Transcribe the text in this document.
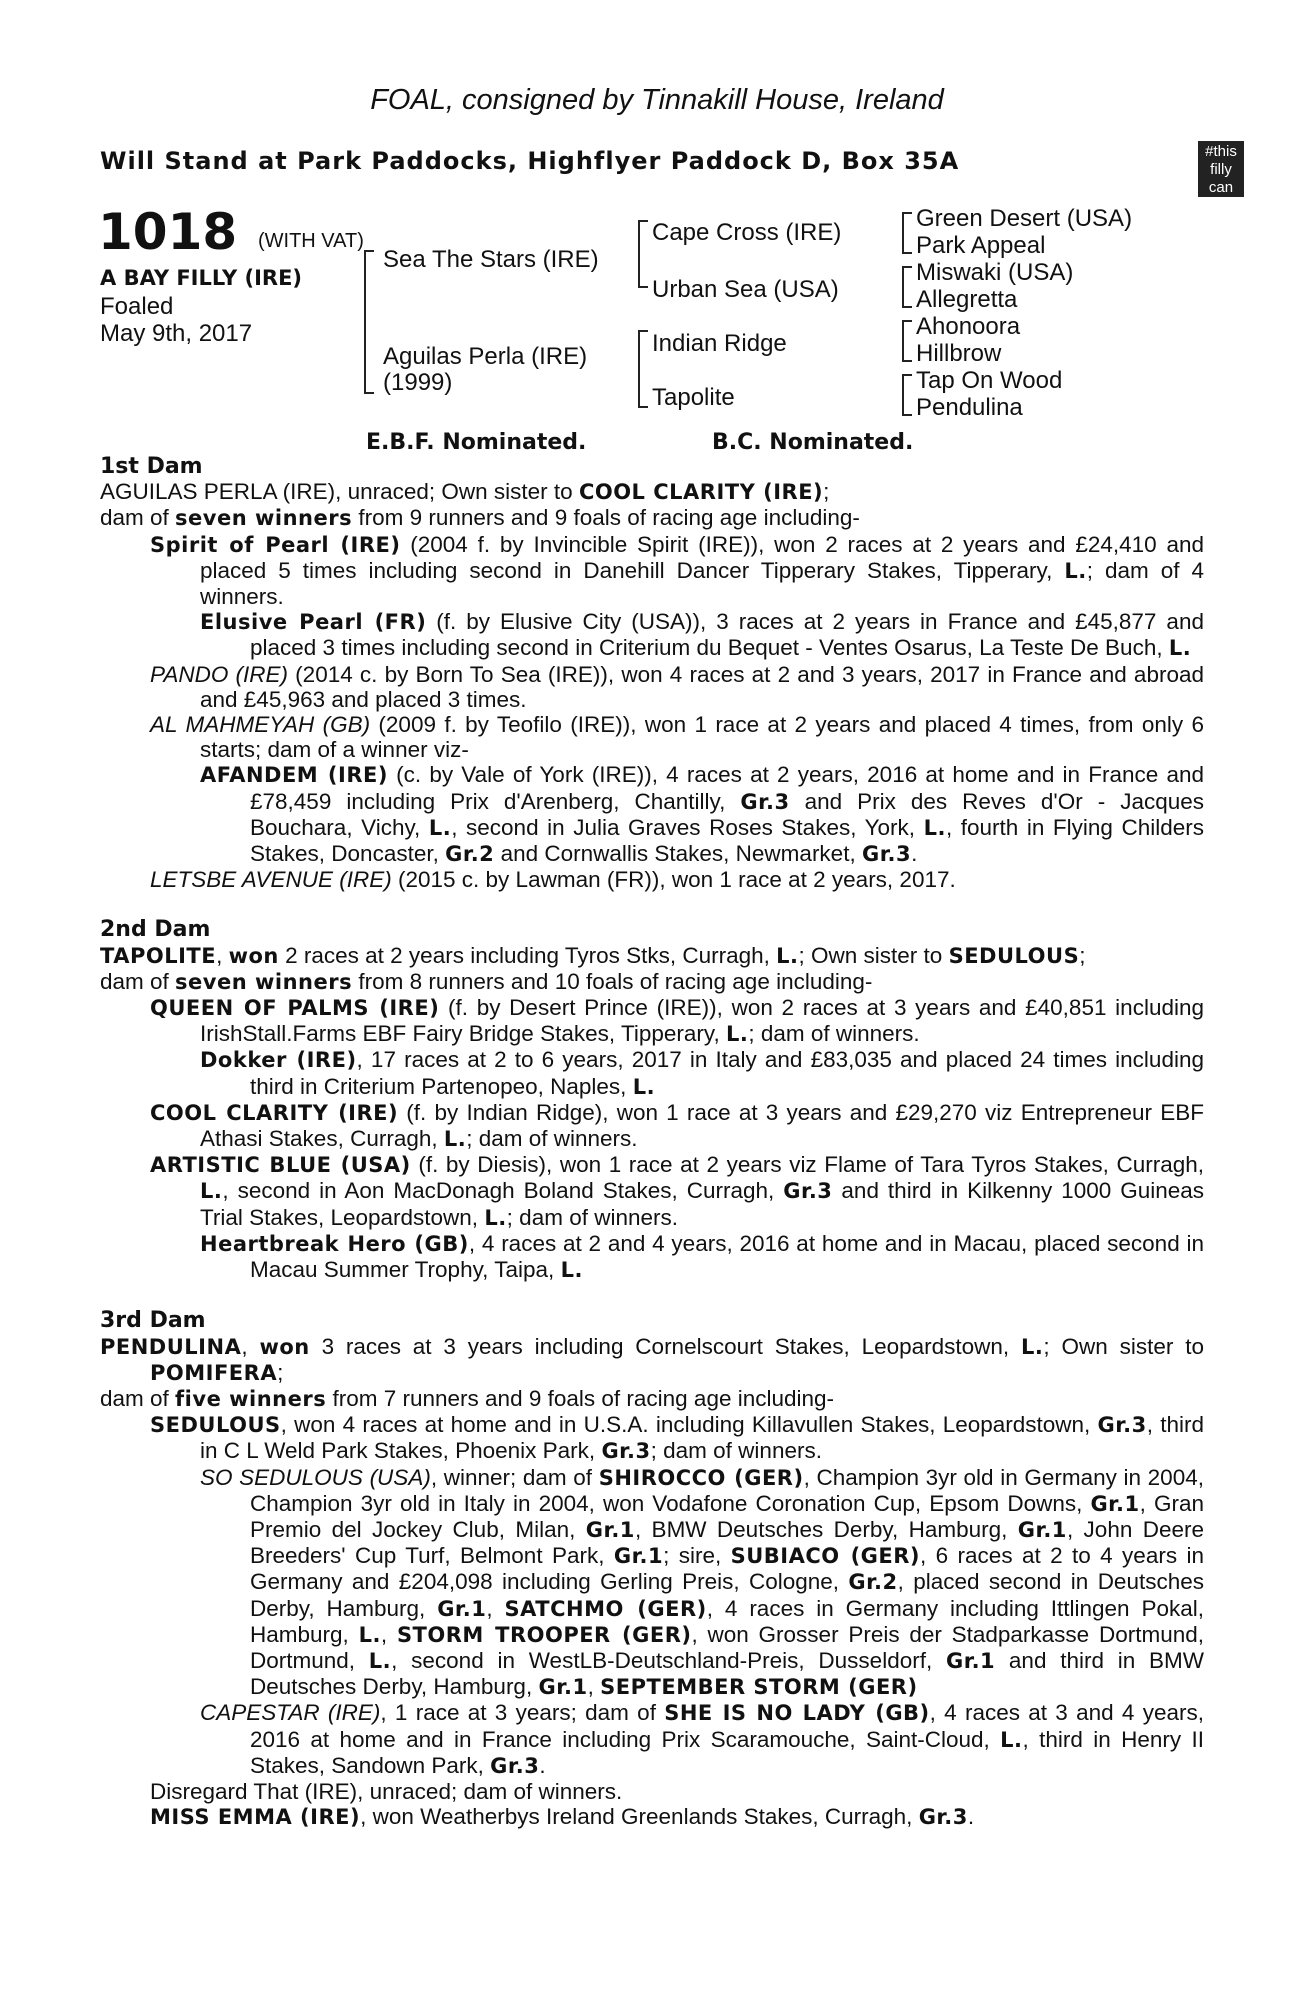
FOAL, consigned by Tinnakill House, Ireland
Will Stand at Park Paddocks, Highflyer Paddock D, Box 35A	#this
filly
can
1018 (WITH VAT)
A BAY FILLY (IRE)
Foaled
May 9th, 2017
Sea The Stars (IRE)
Aguilas Perla (IRE)
(1999)
Cape Cross (IRE)
Urban Sea (USA)
Indian Ridge
Tapolite
Green Desert (USA)
Park Appeal
Miswaki (USA)
Allegretta
Ahonoora
Hillbrow
Tap On Wood
Pendulina
E.B.F. Nominated.	B.C. Nominated.
1st Dam

AGUILAS PERLA (IRE), unraced; Own sister to COOL CLARITY (IRE);

dam of seven winners from 9 runners and 9 foals of racing age including-

Spirit of Pearl (IRE) (2004 f. by Invincible Spirit (IRE)), won 2 races at 2 years and £24,410 and placed 5 times including second in Danehill Dancer Tipperary Stakes, Tipperary, L.; dam of 4 winners.

Elusive Pearl (FR) (f. by Elusive City (USA)), 3 races at 2 years in France and £45,877 and placed 3 times including second in Criterium du Bequet - Ventes Osarus, La Teste De Buch, L.

PANDO (IRE) (2014 c. by Born To Sea (IRE)), won 4 races at 2 and 3 years, 2017 in France and abroad and £45,963 and placed 3 times.

AL MAHMEYAH (GB) (2009 f. by Teofilo (IRE)), won 1 race at 2 years and placed 4 times, from only 6 starts; dam of a winner viz-

AFANDEM (IRE) (c. by Vale of York (IRE)), 4 races at 2 years, 2016 at home and in France and £78,459 including Prix d'Arenberg, Chantilly, Gr.3 and Prix des Reves d'Or - Jacques Bouchara, Vichy, L., second in Julia Graves Roses Stakes, York, L., fourth in Flying Childers Stakes, Doncaster, Gr.2 and Cornwallis Stakes, Newmarket, Gr.3.

LETSBE AVENUE (IRE) (2015 c. by Lawman (FR)), won 1 race at 2 years, 2017.

2nd Dam

TAPOLITE, won 2 races at 2 years including Tyros Stks, Curragh, L.; Own sister to SEDULOUS;

dam of seven winners from 8 runners and 10 foals of racing age including-

QUEEN OF PALMS (IRE) (f. by Desert Prince (IRE)), won 2 races at 3 years and £40,851 including IrishStall.Farms EBF Fairy Bridge Stakes, Tipperary, L.; dam of winners.

Dokker (IRE), 17 races at 2 to 6 years, 2017 in Italy and £83,035 and placed 24 times including third in Criterium Partenopeo, Naples, L.

COOL CLARITY (IRE) (f. by Indian Ridge), won 1 race at 3 years and £29,270 viz Entrepreneur EBF Athasi Stakes, Curragh, L.; dam of winners.

ARTISTIC BLUE (USA) (f. by Diesis), won 1 race at 2 years viz Flame of Tara Tyros Stakes, Curragh, L., second in Aon MacDonagh Boland Stakes, Curragh, Gr.3 and third in Kilkenny 1000 Guineas Trial Stakes, Leopardstown, L.; dam of winners.

Heartbreak Hero (GB), 4 races at 2 and 4 years, 2016 at home and in Macau, placed second in Macau Summer Trophy, Taipa, L.

3rd Dam

PENDULINA, won 3 races at 3 years including Cornelscourt Stakes, Leopardstown, L.; Own sister to POMIFERA;

dam of five winners from 7 runners and 9 foals of racing age including-

SEDULOUS, won 4 races at home and in U.S.A. including Killavullen Stakes, Leopardstown, Gr.3, third in C L Weld Park Stakes, Phoenix Park, Gr.3; dam of winners.

SO SEDULOUS (USA), winner; dam of SHIROCCO (GER), Champion 3yr old in Germany in 2004, Champion 3yr old in Italy in 2004, won Vodafone Coronation Cup, Epsom Downs, Gr.1, Gran Premio del Jockey Club, Milan, Gr.1, BMW Deutsches Derby, Hamburg, Gr.1, John Deere Breeders' Cup Turf, Belmont Park, Gr.1; sire, SUBIACO (GER), 6 races at 2 to 4 years in Germany and £204,098 including Gerling Preis, Cologne, Gr.2, placed second in Deutsches Derby, Hamburg, Gr.1, SATCHMO (GER), 4 races in Germany including Ittlingen Pokal, Hamburg, L., STORM TROOPER (GER), won Grosser Preis der Stadparkasse Dortmund, Dortmund, L., second in WestLB-Deutschland-Preis, Dusseldorf, Gr.1 and third in BMW Deutsches Derby, Hamburg, Gr.1, SEPTEMBER STORM (GER)

CAPESTAR (IRE), 1 race at 3 years; dam of SHE IS NO LADY (GB), 4 races at 3 and 4 years, 2016 at home and in France including Prix Scaramouche, Saint-Cloud, L., third in Henry II Stakes, Sandown Park, Gr.3.

Disregard That (IRE), unraced; dam of winners.

MISS EMMA (IRE), won Weatherbys Ireland Greenlands Stakes, Curragh, Gr.3.
